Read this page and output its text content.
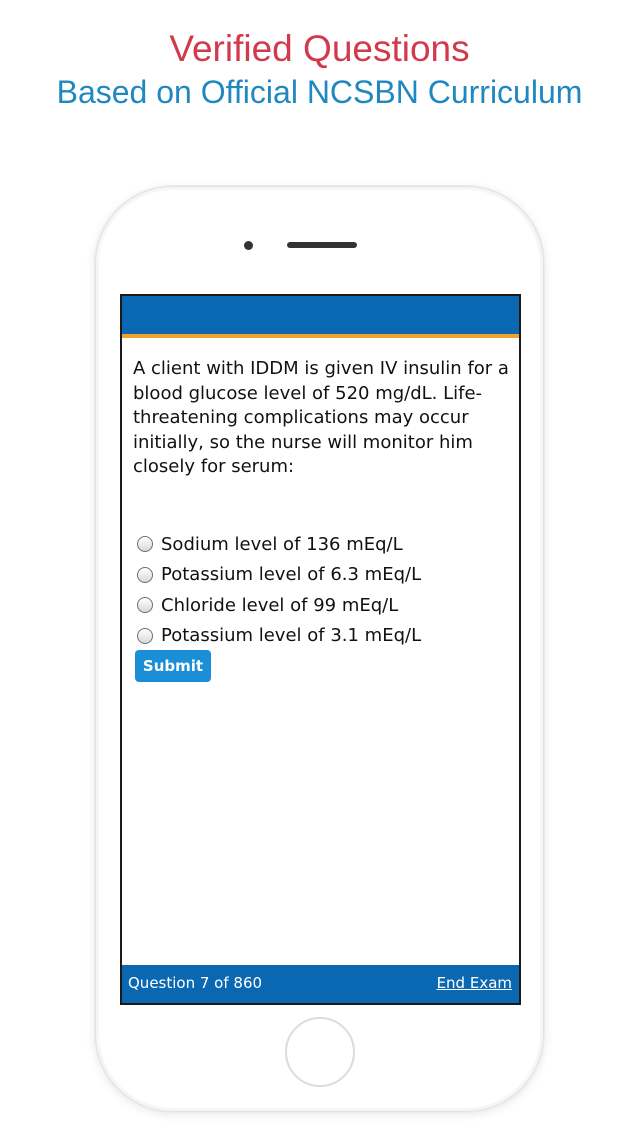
Verified Questions
Based on Official NCSBN Curriculum

A client with IDDM is given IV insulin for a blood glucose level of 520 mg/dL. Life-threatening complications may occur initially, so the nurse will monitor him closely for serum:

Sodium level of 136 mEq/L
Potassium level of 6.3 mEq/L
Chloride level of 99 mEq/L
Potassium level of 3.1 mEq/L
Submit
Question 7 of 860	End Exam
